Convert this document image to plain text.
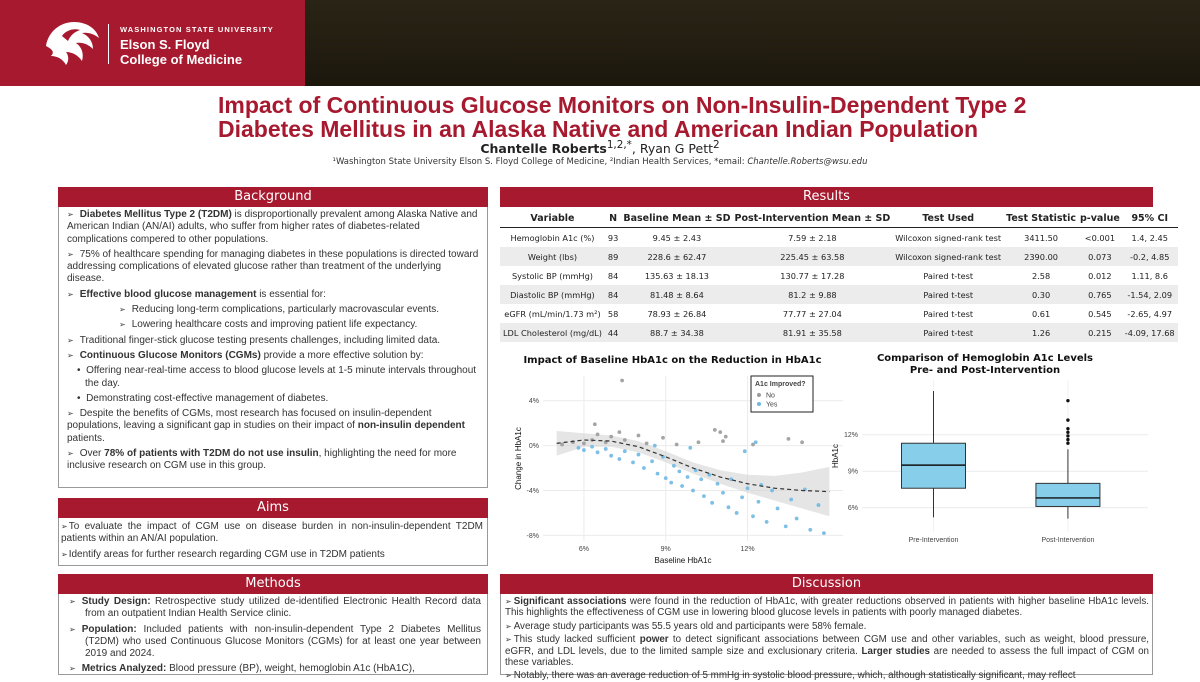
WASHINGTON STATE UNIVERSITY
Elson S. Floyd
College of Medicine
Impact of Continuous Glucose Monitors on Non-Insulin-Dependent Type 2
Diabetes Mellitus in an Alaska Native and American Indian Population
Chantelle Roberts$^{1,2,*}$, Ryan G Pett$^2$
¹Washington State University Elson S. Floyd College of Medicine, ²Indian Health Services, *email: Chantelle.Roberts@wsu.edu
Background

➢ Diabetes Mellitus Type 2 (T2DM) is disproportionally prevalent among Alaska Native and American Indian (AN/AI) adults, who suffer from higher rates of diabetes-related complications compered to other populations.

➢ 75% of healthcare spending for managing diabetes in these populations is directed toward addressing complications of elevated glucose rather than treatment of the underlying disease.

➢ Effective blood glucose management is essential for:

➢ Reducing long-term complications, particularly macrovascular events.

➢ Lowering healthcare costs and improving patient life expectancy.

➢ Traditional finger-stick glucose testing presents challenges, including limited data.

➢ Continuous Glucose Monitors (CGMs) provide a more effective solution by:

•  Offering near-real-time access to blood glucose levels at 1-5 minute intervals throughout the day.

•  Demonstrating cost-effective management of diabetes.

➢ Despite the benefits of CGMs, most research has focused on insulin-dependent populations, leaving a significant gap in studies on their impact of non-insulin dependent patients.

➢ Over 78% of patients with T2DM do not use insulin, highlighting the need for more inclusive research on CGM use in this group.

Aims

➢To evaluate the impact of CGM use on disease burden in non-insulin-dependent T2DM patients within an AN/AI population.

➢Identify areas for further research regarding CGM use in T2DM patients

Methods

➢ Study Design: Retrospective study utilized de-identified Electronic Health Record data from an outpatient Indian Health Service clinic.

➢ Population: Included patients with non-insulin-dependent Type 2 Diabetes Mellitus (T2DM) who used Continuous Glucose Monitors (CGMs) for at least one year between 2019 and 2024.

➢ Metrics Analyzed: Blood pressure (BP), weight, hemoglobin A1c (HbA1C),

Results
Variable	N	Baseline Mean ± SD	Post-Intervention Mean ± SD	Test Used	Test Statistic	p-value	95% CI
Hemoglobin A1c (%)	93	9.45 ± 2.43	7.59 ± 2.18	Wilcoxon signed-rank test	3411.50	<0.001	1.4, 2.45
Weight (lbs)	89	228.6 ± 62.47	225.45 ± 63.58	Wilcoxon signed-rank test	2390.00	0.073	-0.2, 4.85
Systolic BP (mmHg)	84	135.63 ± 18.13	130.77 ± 17.28	Paired t-test	2.58	0.012	1.11, 8.6
Diastolic BP (mmHg)	84	81.48 ± 8.64	81.2 ± 9.88	Paired t-test	0.30	0.765	-1.54, 2.09
eGFR (mL/min/1.73 m²)	58	78.93 ± 26.84	77.77 ± 27.04	Paired t-test	0.61	0.545	-2.65, 4.97
LDL Cholesterol (mg/dL)	44	88.7 ± 34.38	81.91 ± 35.58	Paired t-test	1.26	0.215	-4.09, 17.68
Impact of Baseline HbA1c on the Reduction in HbA1c
6%	9%	12%
4%
0%
-4%
-8%
Baseline HbA1c
Change in HbA1c
A1c Improved?
No
Yes
Comparison of Hemoglobin A1c Levels
Pre- and Post-Intervention
Pre-Intervention	Post-Intervention
12%
9%
6%
HbA1c
Discussion

➢ Significant associations were found in the reduction of HbA1c, with greater reductions observed in patients with higher baseline HbA1c levels. This highlights the effectiveness of CGM use in lowering blood glucose levels in patients with poorly managed diabetes.

➢ Average study participants was 55.5 years old and participants were 58% female.

➢ This study lacked sufficient power to detect significant associations between CGM use and other variables, such as weight, blood pressure, eGFR, and LDL levels, due to the limited sample size and exclusionary criteria. Larger studies are needed to assess the full impact of CGM on these variables.

➢ Notably, there was an average reduction of 5 mmHg in systolic blood pressure, which, although statistically significant, may reflect
